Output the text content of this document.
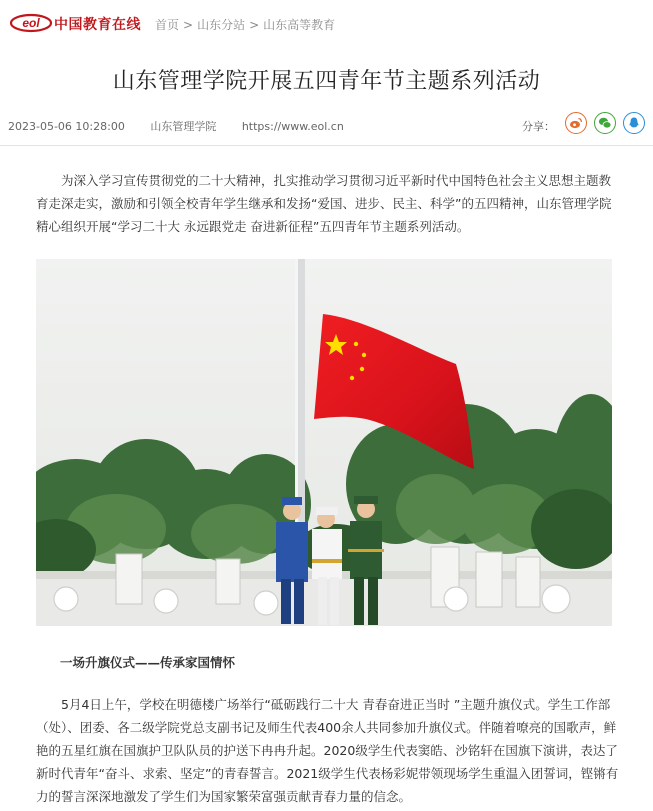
eol 中国教育在线 首页 > 山东分站 > 山东高等教育
山东管理学院开展五四青年节主题系列活动
2023-05-06 10:28:00 山东管理学院 https://www.eol.cn	分享：

为深入学习宣传贯彻党的二十大精神，扎实推动学习贯彻习近平新时代中国特色社会主义思想主题教育走深走实，激励和引领全校青年学生继承和发扬“爱国、进步、民主、科学”的五四精神，山东管理学院精心组织开展“学习二十大 永远跟党走 奋进新征程”五四青年节主题系列活动。

一场升旗仪式——传承家国情怀

5月4日上午，学校在明德楼广场举行“砥砺践行二十大 青春奋进正当时 ”主题升旗仪式。学生工作部（处）、团委、各二级学院党总支副书记及师生代表400余人共同参加升旗仪式。伴随着嘹亮的国歌声，鲜艳的五星红旗在国旗护卫队队员的护送下冉冉升起。2020级学生代表窦皓、沙铭轩在国旗下演讲，表达了新时代青年“奋斗、求索、坚定”的青春誓言。2021级学生代表杨彩妮带领现场学生重温入团誓词，铿锵有力的誓言深深地激发了学生们为国家繁荣富强贡献青春力量的信念。
